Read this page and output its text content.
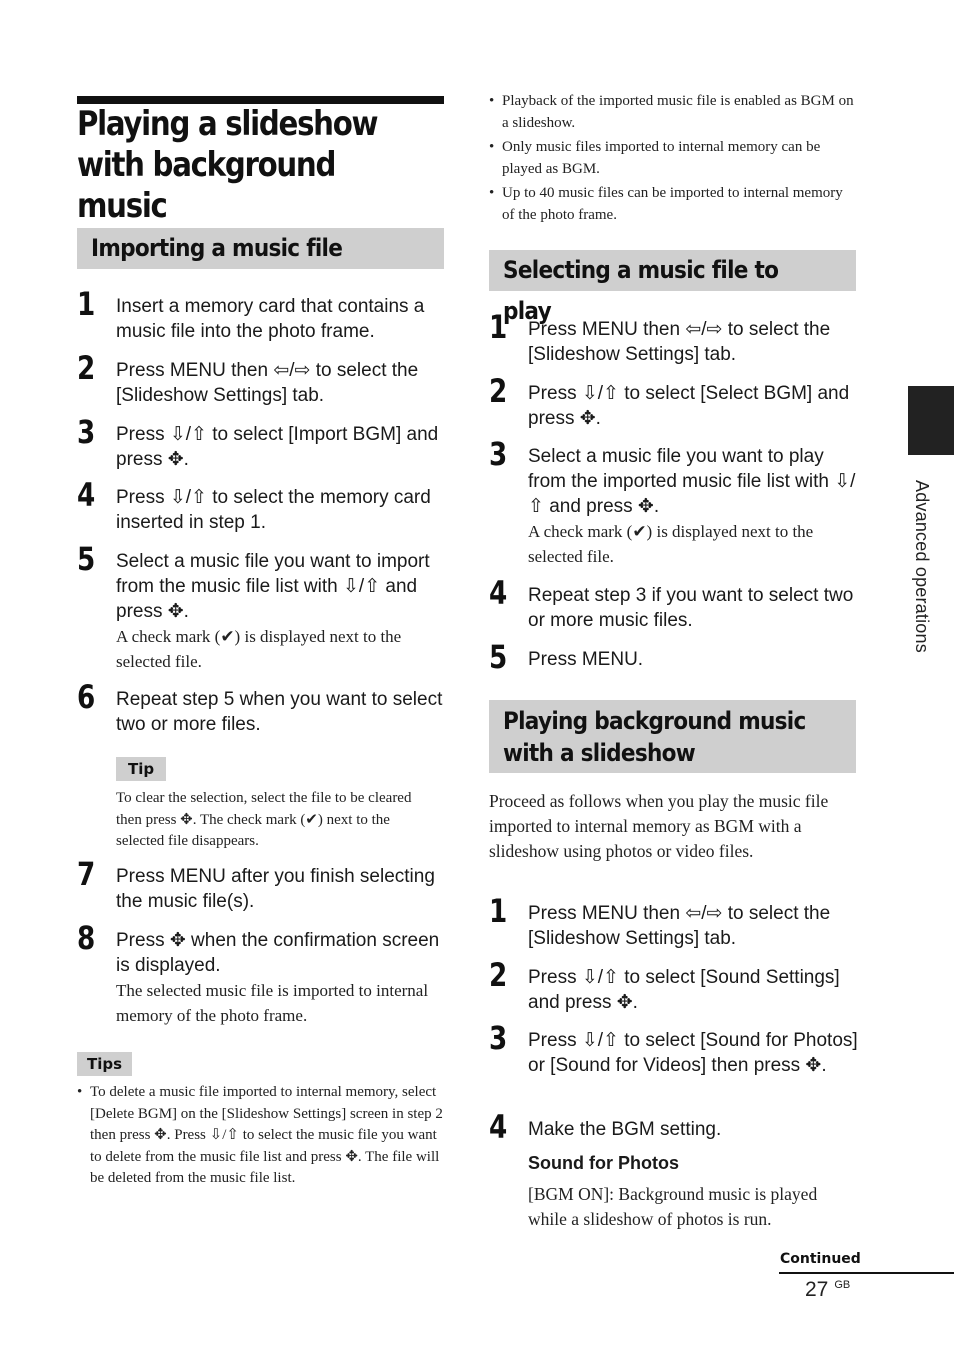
Playing a slideshow
with background music
Importing a music file
1 Insert a memory card that contains a music file into the photo frame.
2 Press MENU then ⇦/⇨ to select the [Slideshow Settings] tab.
3 Press ⇩/⇧ to select [Import BGM] and press ✥.
4 Press ⇩/⇧ to select the memory card inserted in step 1.
5 Select a music file you want to import from the music file list with ⇩/⇧ and press ✥.
A check mark (✔) is displayed next to the selected file.
6 Repeat step 5 when you want to select two or more files.
Tip
To clear the selection, select the file to be cleared then press ✥. The check mark (✔) next to the selected file disappears.
7 Press MENU after you finish selecting the music file(s).
8 Press ✥ when the confirmation screen is displayed.
The selected music file is imported to internal memory of the photo frame.
Tips
• To delete a music file imported to internal memory, select [Delete BGM] on the [Slideshow Settings] screen in step 2 then press ✥. Press ⇩/⇧ to select the music file you want to delete from the music file list and press ✥. The file will be deleted from the music file list.
• Playback of the imported music file is enabled as BGM on a slideshow.
• Only music files imported to internal memory can be played as BGM.
• Up to 40 music files can be imported to internal memory of the photo frame.
Selecting a music file to play
1 Press MENU then ⇦/⇨ to select the [Slideshow Settings] tab.
2 Press ⇩/⇧ to select [Select BGM] and press ✥.
3 Select a music file you want to play from the imported music file list with ⇩/⇧ and press ✥.
A check mark (✔) is displayed next to the selected file.
4 Repeat step 3 if you want to select two or more music files.
5 Press MENU.
Playing background music
with a slideshow
Proceed as follows when you play the music file imported to internal memory as BGM with a slideshow using photos or video files.
1 Press MENU then ⇦/⇨ to select the [Slideshow Settings] tab.
2 Press ⇩/⇧ to select [Sound Settings] and press ✥.
3 Press ⇩/⇧ to select [Sound for Photos] or [Sound for Videos] then press ✥.
4 Make the BGM setting.
Sound for Photos
[BGM ON]: Background music is played while a slideshow of photos is run.
Advanced operations
Continued
27 $^{GB}$
